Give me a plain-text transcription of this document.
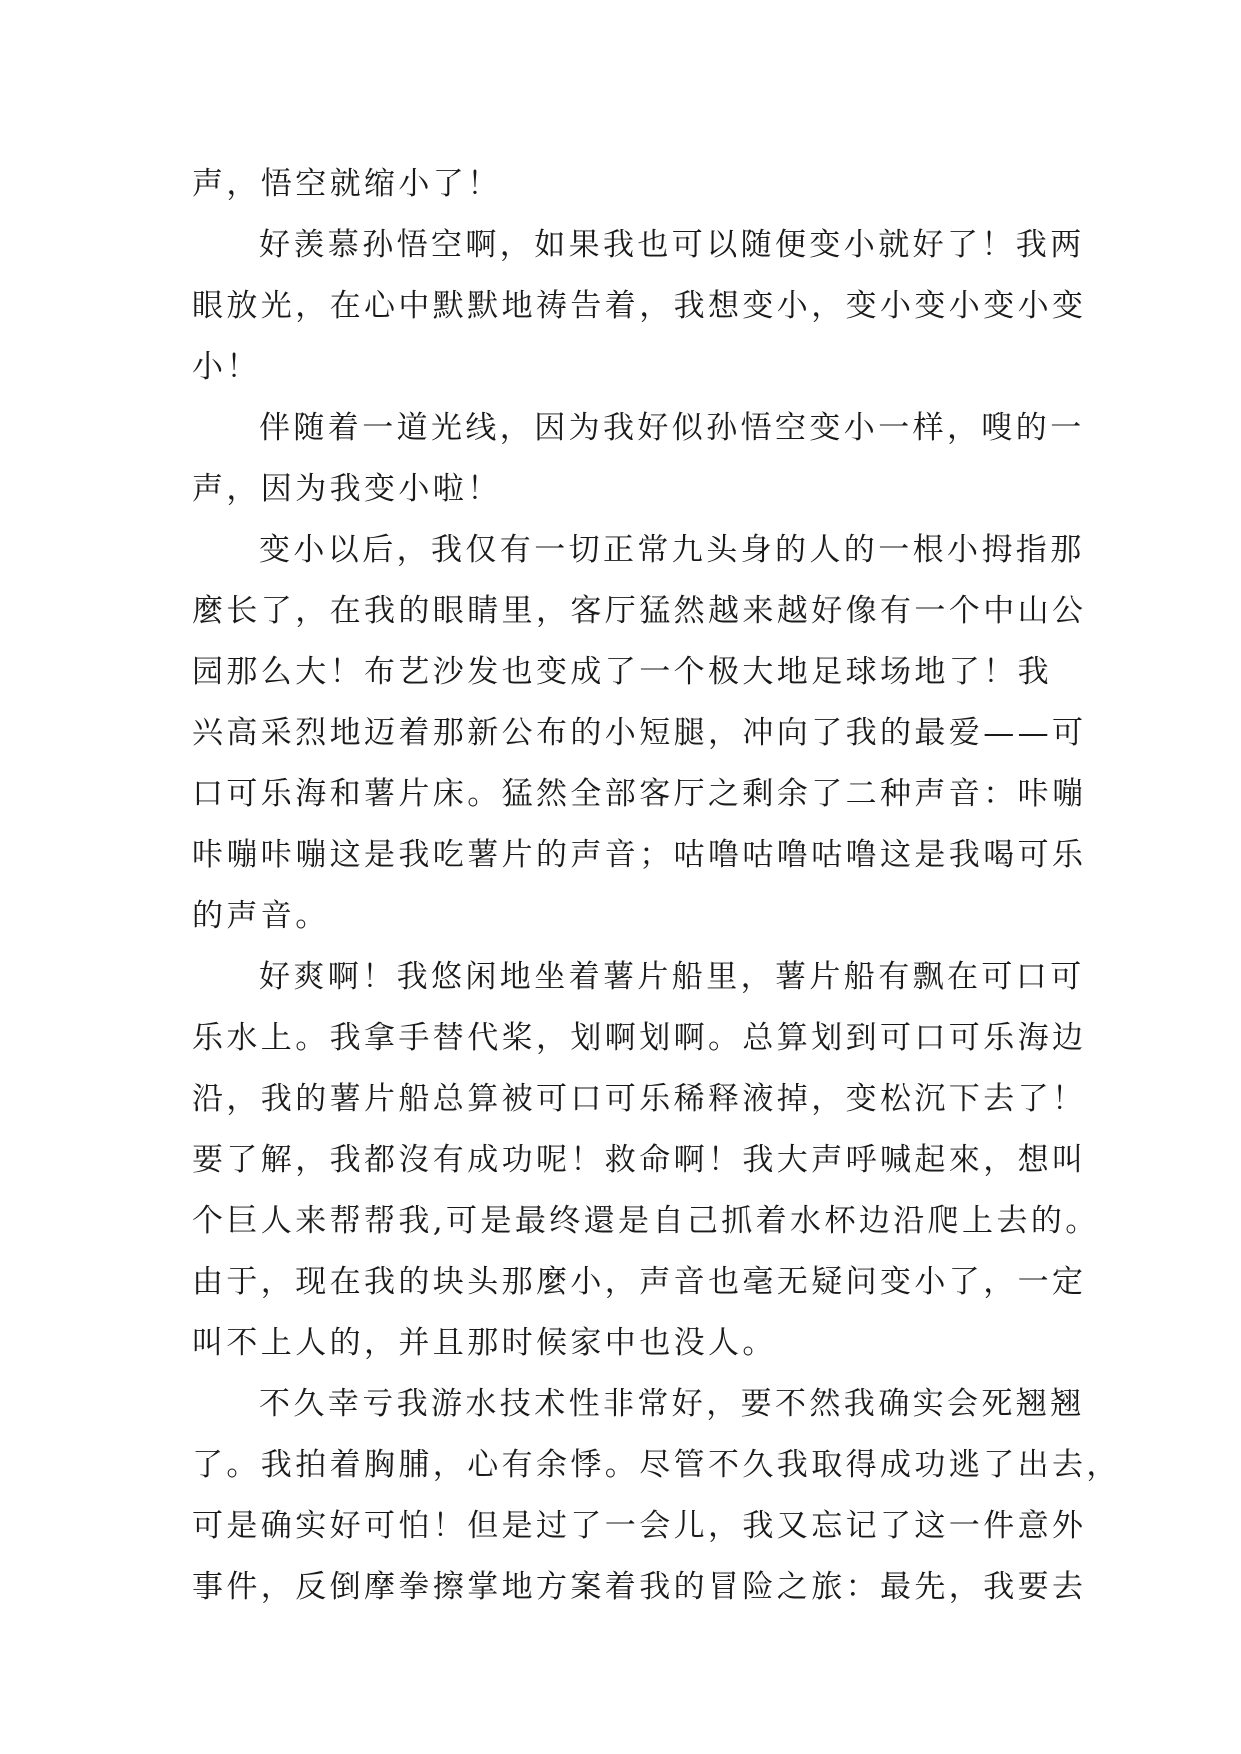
声，悟空就缩小了！
好羡慕孙悟空啊，如果我也可以随便变小就好了！我两
眼放光，在心中默默地祷告着，我想变小，变小变小变小变
小！
伴随着一道光线，因为我好似孙悟空变小一样，嗖的一
声，因为我变小啦！
变小以后，我仅有一切正常九头身的人的一根小拇指那
麼长了，在我的眼睛里，客厅猛然越来越好像有一个中山公
园那么大！布艺沙发也变成了一个极大地足球场地了！我
兴高采烈地迈着那新公布的小短腿，冲向了我的最爱——可
口可乐海和薯片床。猛然全部客厅之剩余了二种声音：咔嘣
咔嘣咔嘣这是我吃薯片的声音；咕噜咕噜咕噜这是我喝可乐
的声音。
好爽啊！我悠闲地坐着薯片船里，薯片船有飘在可口可
乐水上。我拿手替代桨，划啊划啊。总算划到可口可乐海边
沿，我的薯片船总算被可口可乐稀释液掉，变松沉下去了！
要了解，我都沒有成功呢！救命啊！我大声呼喊起來，想叫
个巨人来帮帮我,可是最终還是自己抓着水杯边沿爬上去的。
由于，现在我的块头那麼小，声音也毫无疑问变小了，一定
叫不上人的，并且那时候家中也没人。
不久幸亏我游水技术性非常好，要不然我确实会死翘翘
了。我拍着胸脯，心有余悸。尽管不久我取得成功逃了出去，
可是确实好可怕！但是过了一会儿，我又忘记了这一件意外
事件，反倒摩拳擦掌地方案着我的冒险之旅：最先，我要去
